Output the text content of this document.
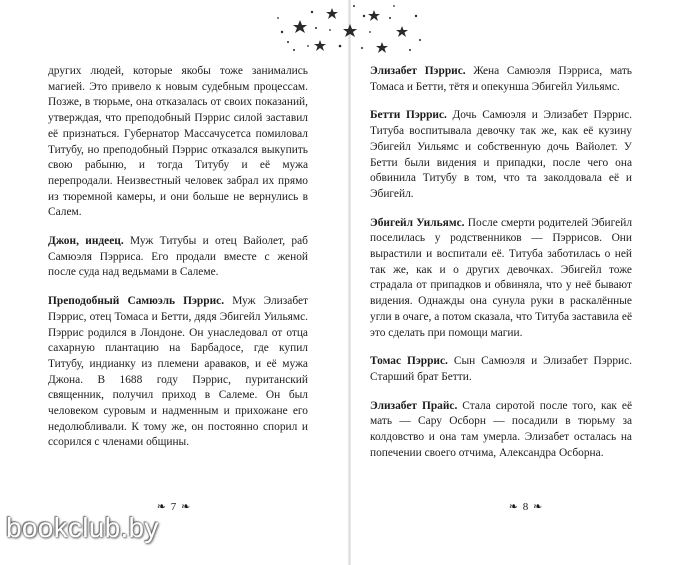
других людей, которые якобы тоже занимались магией. Это привело к новым судебным процессам. Позже, в тюрьме, она отказалась от своих показаний, утверждая, что преподобный Пэррис силой заставил её признаться. Губернатор Массачусетса помиловал Титубу, но преподобный Пэррис отказался выкупить свою рабыню, и тогда Титубу и её мужа перепродали. Неизвестный человек забрал их прямо из тюремной камеры, и они больше не вернулись в Салем.

Джон, индеец. Муж Титубы и отец Вайолет, раб Самюэля Пэрриса. Его продали вместе с женой после суда над ведьмами в Салеме.

Преподобный Самюэль Пэррис. Муж Элизабет Пэррис, отец Томаса и Бетти, дядя Эбигейл Уильямс. Пэррис родился в Лондоне. Он унаследовал от отца сахарную плантацию на Барбадосе, где купил Титубу, индианку из племени араваков, и её мужа Джона. В 1688 году Пэррис, пуританский священник, получил приход в Салеме. Он был человеком суровым и надменным и прихожане его недолюбливали. К тому же, он постоянно спорил и ссорился с членами общины.

❧ 7 ❧

Элизабет Пэррис. Жена Самюэля Пэрриса, мать Томаса и Бетти, тётя и опекунша Эбигейл Уильямс.

Бетти Пэррис. Дочь Самюэля и Элизабет Пэррис. Титуба воспитывала девочку так же, как её кузину Эбигейл Уильямс и собственную дочь Вайолет. У Бетти были видения и припадки, после чего она обвинила Титубу в том, что та заколдовала её и Эбигейл.

Эбигейл Уильямс. После смерти родителей Эбигейл поселилась у родственников — Пэррисов. Они вырастили и воспитали её. Титуба заботилась о ней так же, как и о других девочках. Эбигейл тоже страдала от припадков и обвиняла, что у неё бывают видения. Однажды она сунула руки в раскалённые угли в очаге, а потом сказала, что Титуба заставила её это сделать при помощи магии.

Томас Пэррис. Сын Самюэля и Элизабет Пэррис. Старший брат Бетти.

Элизабет Прайс. Стала сиротой после того, как её мать — Сару Осборн — посадили в тюрьму за колдовство и она там умерла. Элизабет осталась на попечении своего отчима, Александра Осборна.

❧ 8 ❧
bookclub.by
